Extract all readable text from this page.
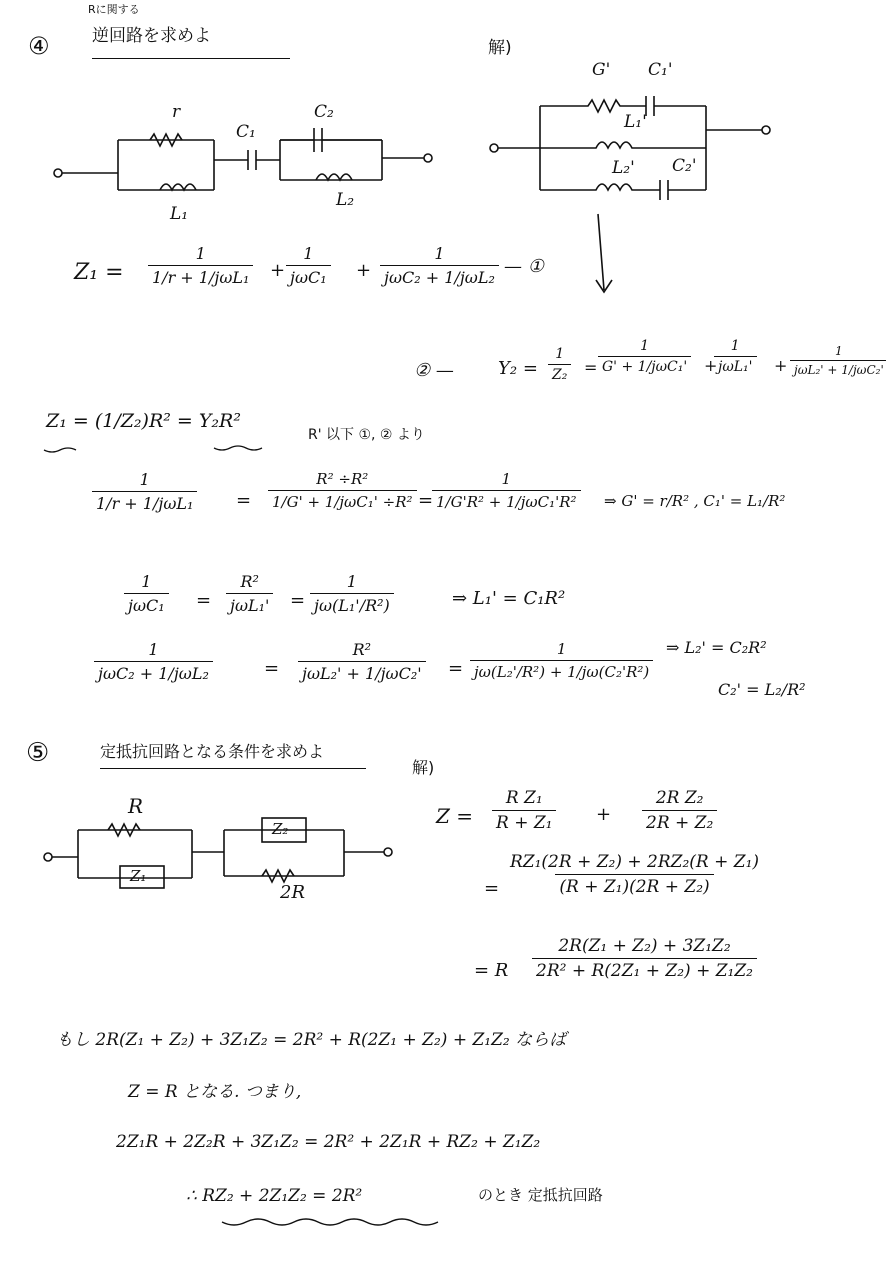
④
Rに関する
逆回路を求めよ
解)
r
C₁
C₂
L₁
L₂
G' C₁'
L₁'
L₂' C₂'
Z₁ =
1
1/r + 1/jωL₁ +
1
jωC₁ +
1
jωC₂ + 1/jωL₂
— ①
② — $Y_2 = \frac{1}{\text{Z₂}}$ =
1
G' + 1/jωC₁' +
1
jωL₁' +
1
jωL₂' + 1/jωC₂'
Z₁ = (1/Z₂)R² = Y₂R²
R' 以下 ①, ② より
1
1/r + 1/jωL₁ =
R² ÷R²
1/G' + 1/jωC₁' ÷R² =
1
1/G'R² + 1/jωC₁'R² ⇒ G' = r/R² , C₁' = L₁/R²
1
jωC₁ =
R²
$j\omega L_1' = \frac{1}{\text{jω(L₁'/R²)}}$	⇒ L₁' = C₁R²
1
jωC₂ + 1/jωL₂	=
R²
$j\omega L_2' + 1/j\omega C_2' = \frac{1}{\text{jω(L₂'/R²) + 1/jω(C₂'R²)}}$ ⇒ L₂' = C₂R²
C₂' = L₂/R²
⑤	定抵抗回路となる条件を求めよ
解)
R
Z₁
Z₂
2R
$Z = \frac{\text{R Z₁}}{\text{R + Z₁}} + \frac{\text{2R Z₂}}{\text{2R + Z₂}}$
= $\frac{\text{RZ₁(2R + Z₂) + 2RZ₂(R + Z₁)}}{\text{(R + Z₁)(2R + Z₂)}}$
= R $\frac{\text{2R(Z₁ + Z₂) + 3Z₁Z₂}}{\text{2R² + R(2Z₁ + Z₂) + Z₁Z₂}}$
もし 2R(Z₁ + Z₂) + 3Z₁Z₂ = 2R² + R(2Z₁ + Z₂) + Z₁Z₂ ならば
Z = R となる. つまり,
2Z₁R + 2Z₂R + 3Z₁Z₂ = 2R² + 2Z₁R + RZ₂ + Z₁Z₂
∴ RZ₂ + 2Z₁Z₂ = 2R²	のとき 定抵抗回路
